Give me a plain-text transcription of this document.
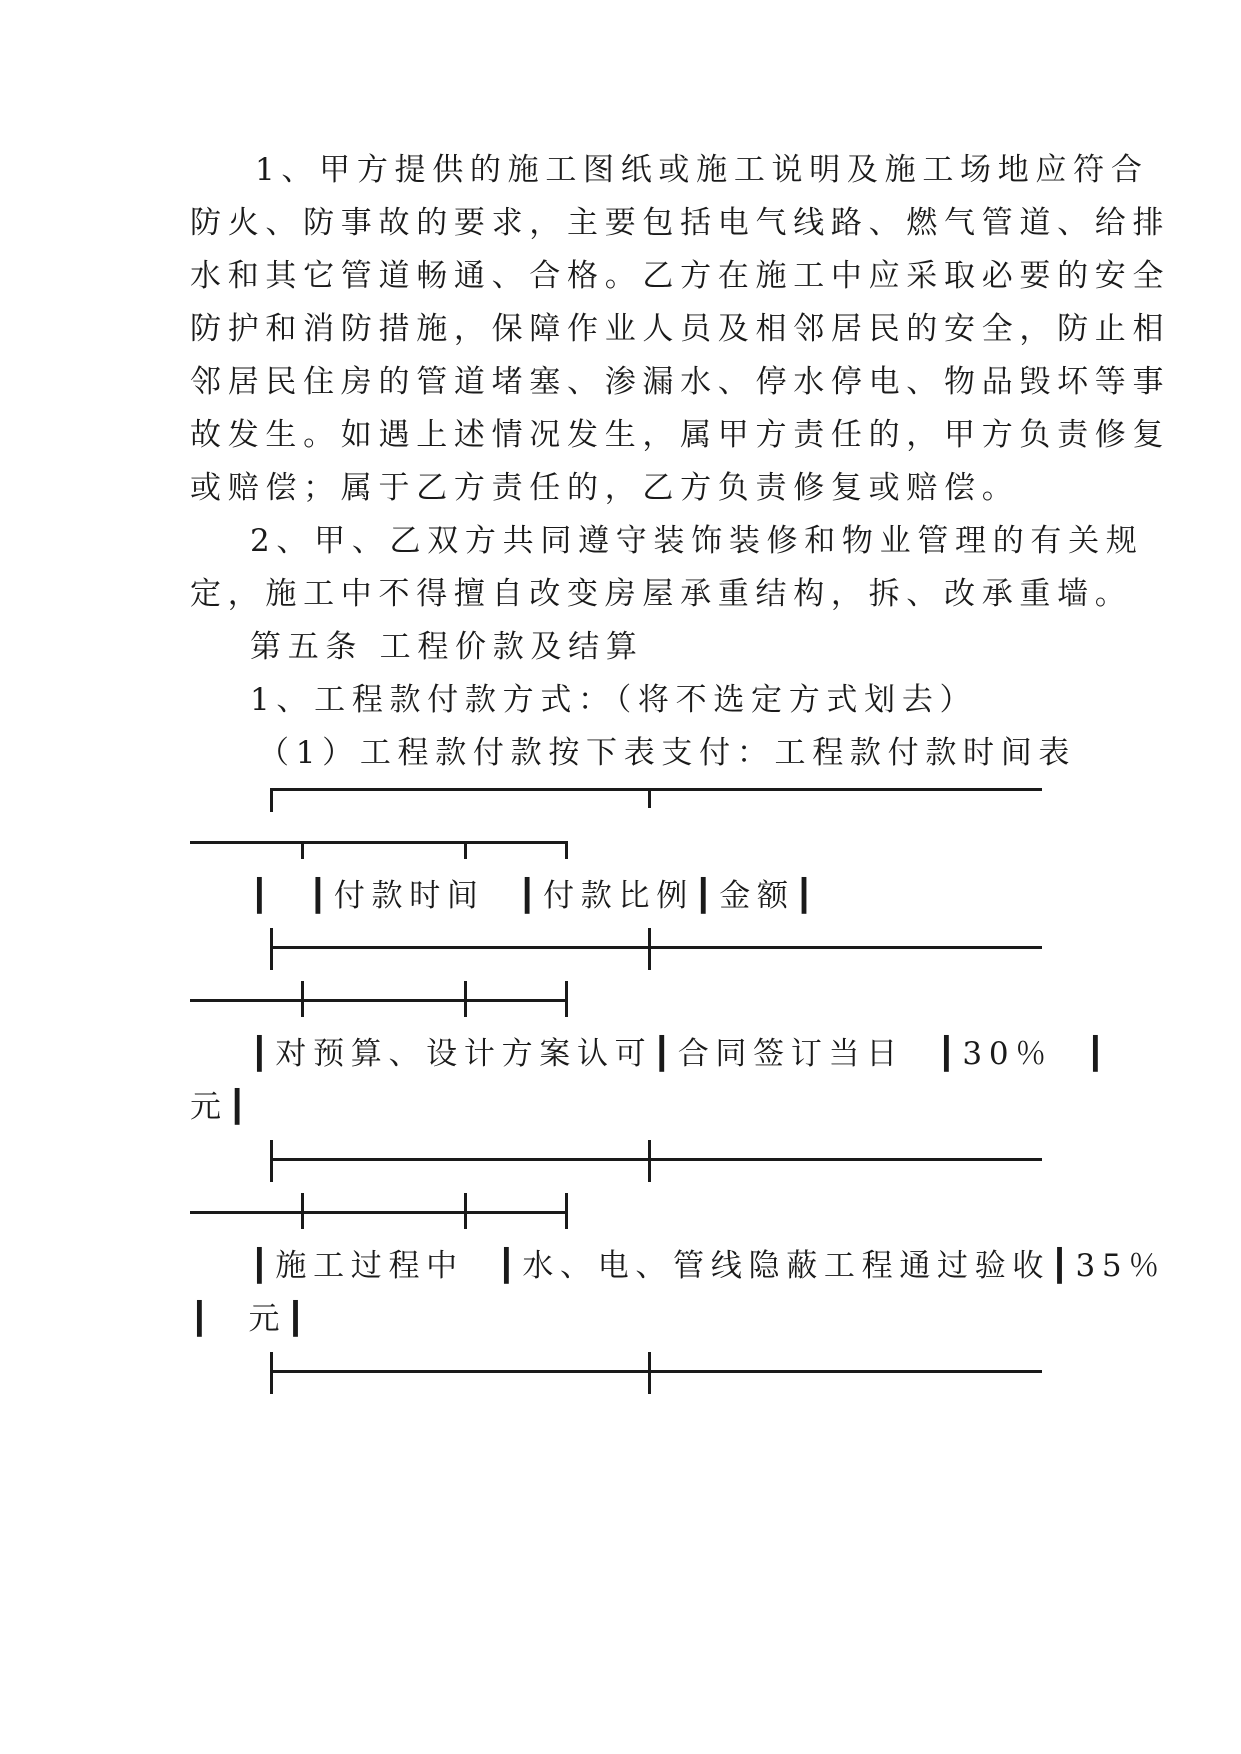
1、甲方提供的施工图纸或施工说明及施工场地应符合
防火、防事故的要求，主要包括电气线路、燃气管道、给排
水和其它管道畅通、合格。乙方在施工中应采取必要的安全
防护和消防措施，保障作业人员及相邻居民的安全，防止相
邻居民住房的管道堵塞、渗漏水、停水停电、物品毁坏等事
故发生。如遇上述情况发生，属甲方责任的，甲方负责修复
或赔偿；属于乙方责任的，乙方负责修复或赔偿。
2、甲、乙双方共同遵守装饰装修和物业管理的有关规
定，施工中不得擅自改变房屋承重结构，拆、改承重墙。
第五条 工程价款及结算
1、工程款付款方式：（将不选定方式划去）
（1）工程款付款按下表支付：工程款付款时间表
┃  ┃付款时间  ┃付款比例┃金额┃
┃对预算、设计方案认可┃合同签订当日  ┃30％  ┃
元┃
┃施工过程中  ┃水、电、管线隐蔽工程通过验收┃35％
┃  元┃
